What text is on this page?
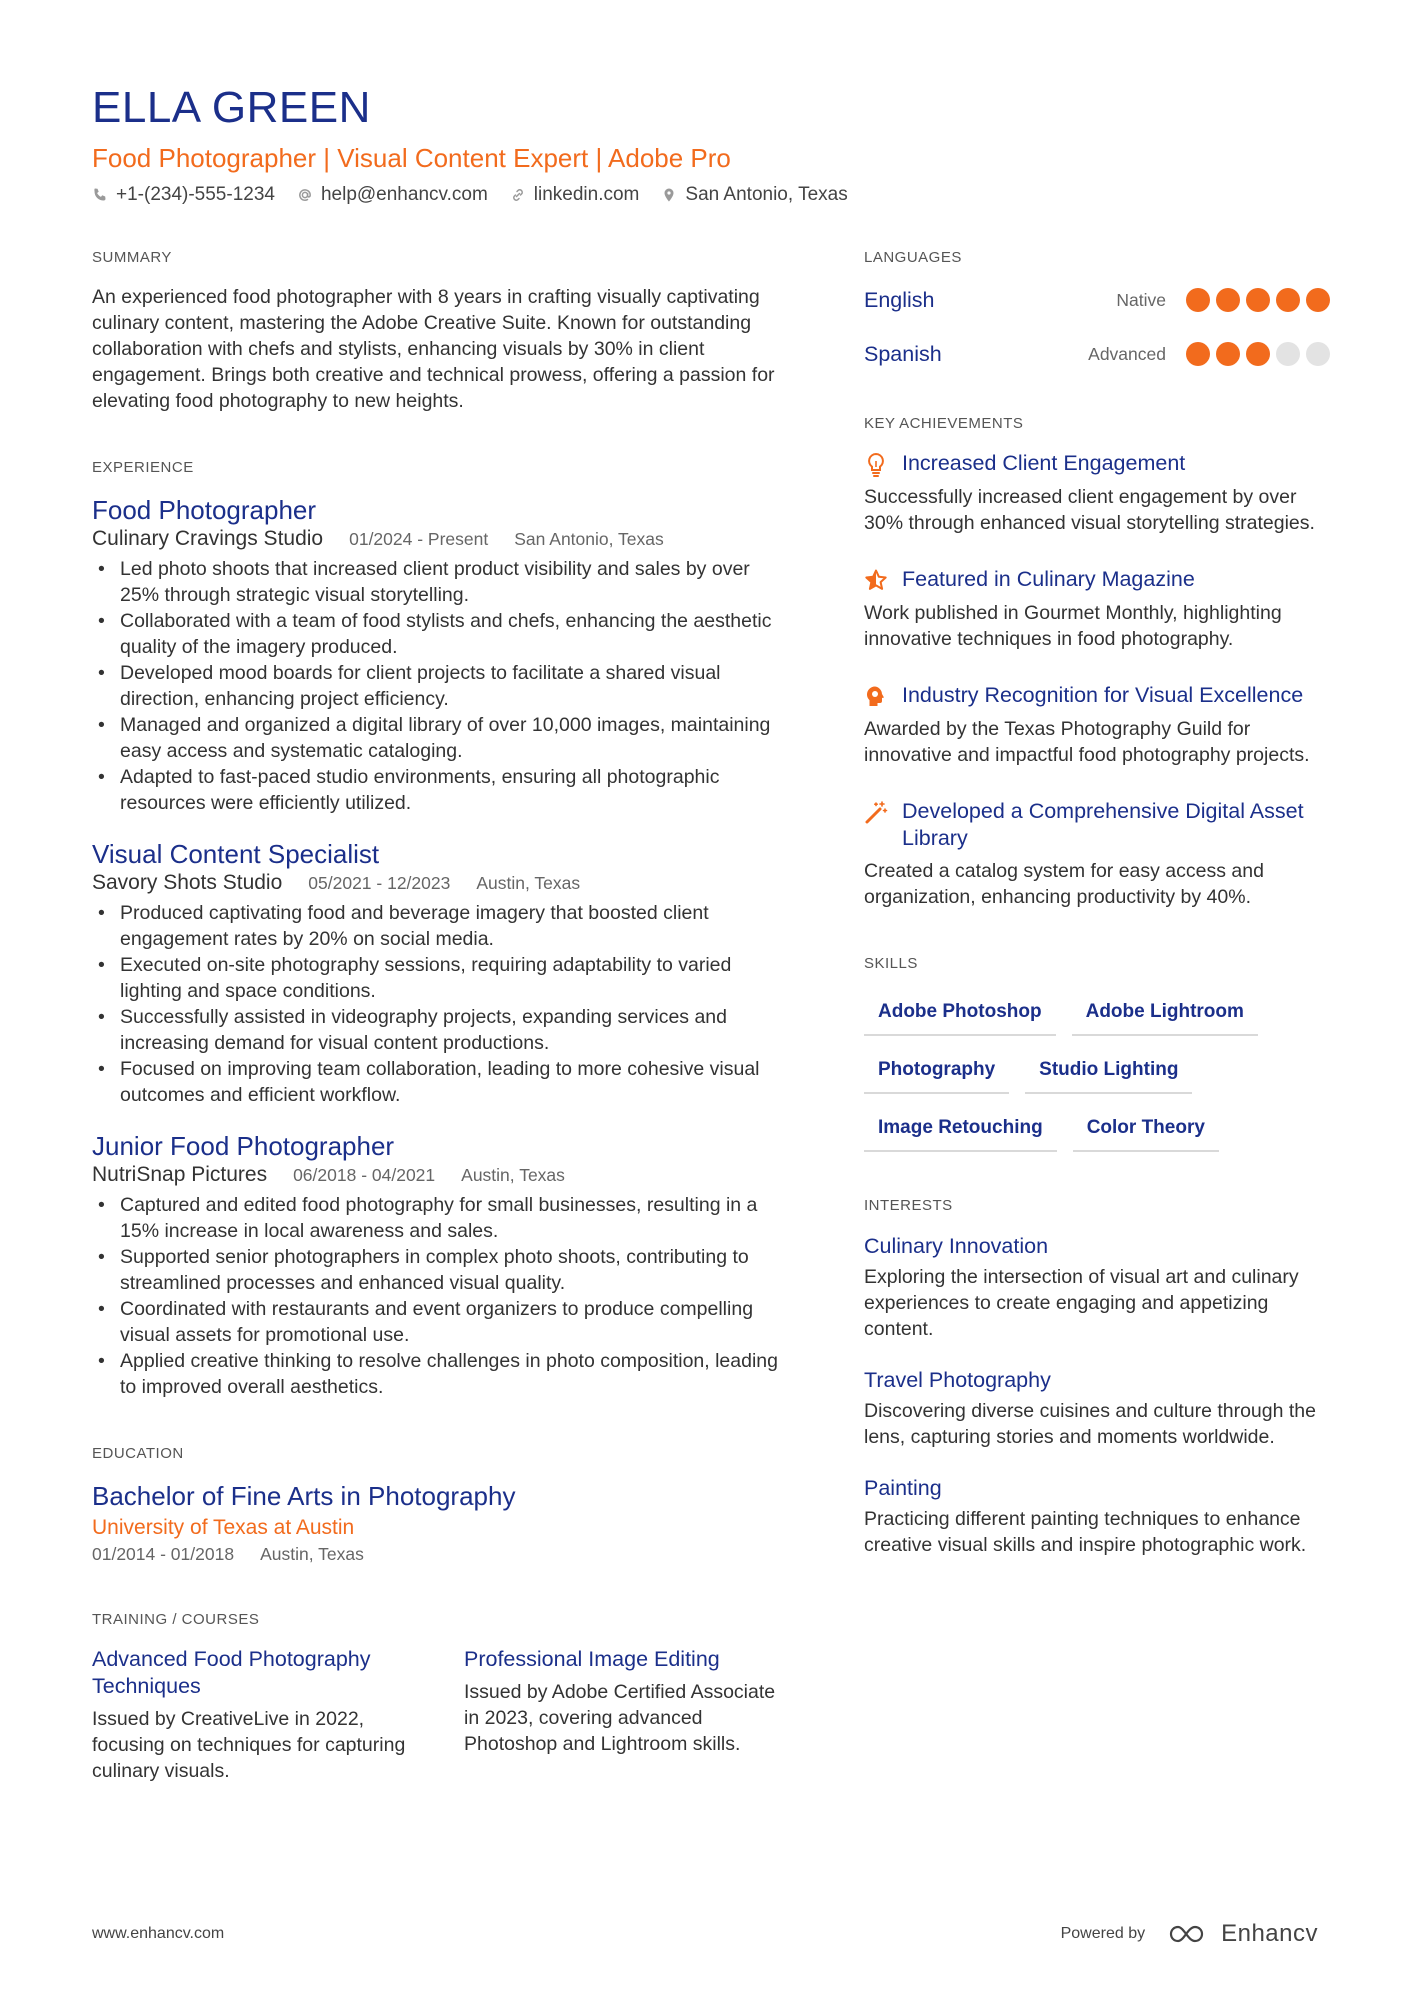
ELLA GREEN
Food Photographer | Visual Content Expert | Adobe Pro
+1-(234)-555-1234 help@enhancv.com linkedin.com San Antonio, Texas
SUMMARY
An experienced food photographer with 8 years in crafting visually captivating culinary content, mastering the Adobe Creative Suite. Known for outstanding collaboration with chefs and stylists, enhancing visuals by 30% in client engagement. Brings both creative and technical prowess, offering a passion for elevating food photography to new heights.
EXPERIENCE
Food Photographer
Culinary Cravings Studio 01/2024 - Present San Antonio, Texas
• Led photo shoots that increased client product visibility and sales by over 25% through strategic visual storytelling.
• Collaborated with a team of food stylists and chefs, enhancing the aesthetic quality of the imagery produced.
• Developed mood boards for client projects to facilitate a shared visual direction, enhancing project efficiency.
• Managed and organized a digital library of over 10,000 images, maintaining easy access and systematic cataloging.
• Adapted to fast-paced studio environments, ensuring all photographic resources were efficiently utilized.
Visual Content Specialist
Savory Shots Studio 05/2021 - 12/2023 Austin, Texas
• Produced captivating food and beverage imagery that boosted client engagement rates by 20% on social media.
• Executed on-site photography sessions, requiring adaptability to varied lighting and space conditions.
• Successfully assisted in videography projects, expanding services and increasing demand for visual content productions.
• Focused on improving team collaboration, leading to more cohesive visual outcomes and efficient workflow.
Junior Food Photographer
NutriSnap Pictures 06/2018 - 04/2021 Austin, Texas
• Captured and edited food photography for small businesses, resulting in a 15% increase in local awareness and sales.
• Supported senior photographers in complex photo shoots, contributing to streamlined processes and enhanced visual quality.
• Coordinated with restaurants and event organizers to produce compelling visual assets for promotional use.
• Applied creative thinking to resolve challenges in photo composition, leading to improved overall aesthetics.
EDUCATION
Bachelor of Fine Arts in Photography
University of Texas at Austin
01/2014 - 01/2018 Austin, Texas
TRAINING / COURSES
Advanced Food Photography Techniques
Issued by CreativeLive in 2022, focusing on techniques for capturing culinary visuals.
Professional Image Editing
Issued by Adobe Certified Associate in 2023, covering advanced Photoshop and Lightroom skills.
LANGUAGES
English	Native
Spanish	Advanced
KEY ACHIEVEMENTS
Increased Client Engagement
Successfully increased client engagement by over 30% through enhanced visual storytelling strategies.
Featured in Culinary Magazine
Work published in Gourmet Monthly, highlighting innovative techniques in food photography.
Industry Recognition for Visual Excellence
Awarded by the Texas Photography Guild for innovative and impactful food photography projects.
Developed a Comprehensive Digital Asset Library
Created a catalog system for easy access and organization, enhancing productivity by 40%.
SKILLS
Adobe Photoshop	Adobe Lightroom
Photography	Studio Lighting
Image Retouching	Color Theory
INTERESTS
Culinary Innovation
Exploring the intersection of visual art and culinary experiences to create engaging and appetizing content.
Travel Photography
Discovering diverse cuisines and culture through the lens, capturing stories and moments worldwide.
Painting
Practicing different painting techniques to enhance creative visual skills and inspire photographic work.
www.enhancv.com	Powered by	Enhancv
